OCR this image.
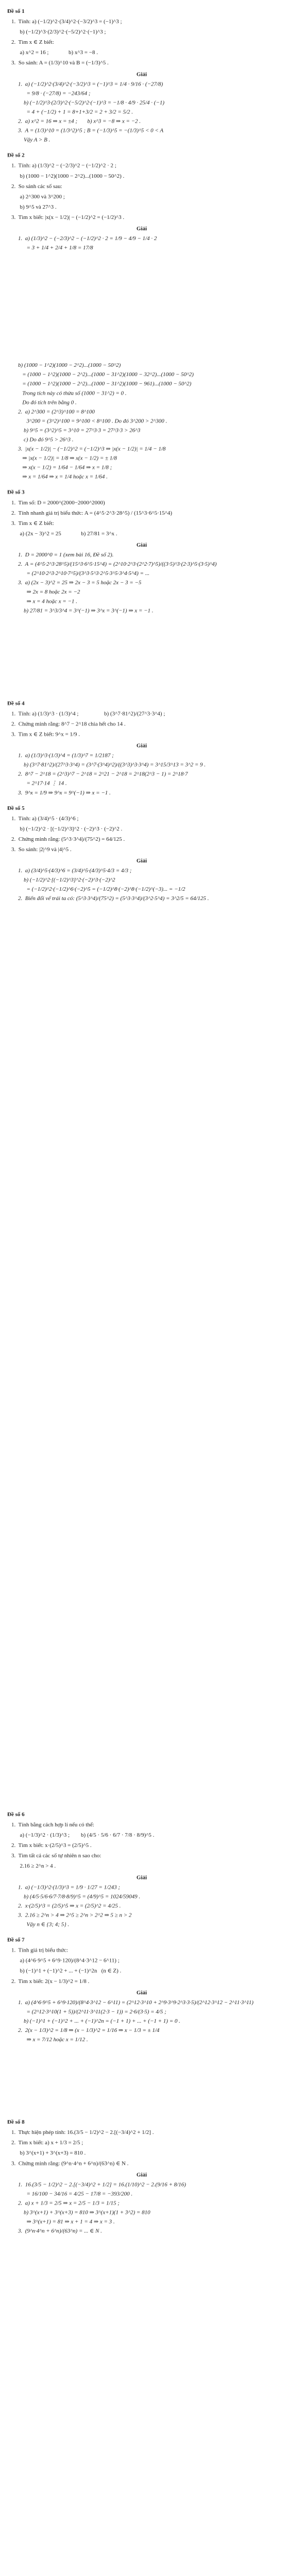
Đề số 1
1.  Tính: a) (−1/2)^2·(3/4)^2·(−3/2)^3 = (−1)^3 ;
b) (−1/2)^3·(2/3)^2·(−5/2)^2·(−1)^3 ;
2.  Tìm x ∈ Z biết:
a) x^2 = 16 ;              b) x^3 = −8 .
3.  So sánh: A = (1/3)^10 và B = (−1/3)^5 .
Giải
1.  a) (−1/2)^2·(3/4)^2·(−3/2)^3 = (−1)^3 = 1/4 · 9/16 · (−27/8)
= 9/8 · (−27/8) = −243/64 ;
b) (−1/2)^3·(2/3)^2·(−5/2)^2·(−1)^3 = −1/8 · 4/9 · 25/4 · (−1)
= 4 + (−1/2) + 1 = 8+1+3/2 = 2 + 3/2 = 5/2 .
2.  a) x^2 = 16 ⇒ x = ±4 ;       b) x^3 = −8 ⇒ x = −2 .
3.  A = (1/3)^10 = (1/3^2)^5 ; B = (−1/3)^5 = −(1/3)^5 < 0 < A
Vậy A > B .
Đề số 2
1.  Tính: a) (1/3)^2 − (−2/3)^2 − (−1/2)^2 · 2 ;
b) (1000 − 1^2)(1000 − 2^2)...(1000 − 50^2) .
2.  So sánh các số sau:
a) 2^300 và 3^200 ;
b) 9^5 và 27^3 .
3.  Tìm x biết: |x(x − 1/2)| − (−1/2)^2 = (−1/2)^3 .
Giải
1.  a) (1/3)^2 − (−2/3)^2 − (−1/2)^2 · 2 = 1/9 − 4/9 − 1/4 · 2
= 3 + 1/4 + 2/4 + 1/8 = 17/8
b) (1000 − 1^2)(1000 − 2^2)...(1000 − 50^2)
= (1000 − 1^2)(1000 − 2^2)...(1000 − 31^2)(1000 − 32^2)...(1000 − 50^2)
= (1000 − 1^2)(1000 − 2^2)...(1000 − 31^2)(1000 − 961)...(1000 − 50^2)
Trong tích này có thừa số (1000 − 31^2) = 0 .
Do đó tích trên bằng 0 .
2.  a) 2^300 = (2^3)^100 = 8^100
3^200 = (3^2)^100 = 9^100 < 8^100 . Do đó 3^200 > 2^300 .
b) 9^5 = (3^2)^5 = 3^10 = 27^3·3 = 27^3·3 > 26^3
c) Do đó 9^5 > 26^3 .
3.  |x(x − 1/2)| − (−1/2)^2 = (−1/2)^3 ⇒ |x(x − 1/2)| = 1/4 − 1/8
⇒ |x(x − 1/2)| = 1/8 ⇒ x(x − 1/2) = ± 1/8
⇒ x(x − 1/2) = 1/64 − 1/64 ⇒ x = 1/8 ;
⇒ x = 1/64 ⇒ x = 1/4 hoặc x = 1/64 .
Đề số 3
1.  Tìm số: D = 2000^(2000−2000^2000)
2.  Tính nhanh giá trị biểu thức: A = (4^5·2^3·28^5) / (15^3·6^5·15^4)
3.  Tìm x ∈ Z biết:
a) (2x − 3)^2 = 25              b) 27/81 = 3^x .
Giải
1.  D = 2000^0 = 1 (xem bài 16, Đề số 2).
2.  A = (4^5·2^3·28^5)/(15^3·6^5·15^4) = (2^10·2^3·(2^2·7)^5)/((3·5)^3·(2·3)^5·(3·5)^4)
= (2^10·2^3·2^10·7^5)/(3^3·5^3·2^5·3^5·3^4·5^4) = ...
3.  a) (2x − 3)^2 = 25 ⇒ 2x − 3 = 5 hoặc 2x − 3 = −5
⇒ 2x = 8 hoặc 2x = −2
⇒ x = 4 hoặc x = −1 .
b) 27/81 = 3^3/3^4 = 3^(−1) ⇒ 3^x = 3^(−1) ⇒ x = −1 .
Đề số 4
1.  Tính: a) (1/3)^3 · (1/3)^4 ;                  b) (3^7·81^2)/(27^3·3^4) ;
2.  Chứng minh rằng: 8^7 − 2^18 chia hết cho 14 .
3.  Tìm x ∈ Z biết: 9^x = 1/9 .
Giải
1.  a) (1/3)^3·(1/3)^4 = (1/3)^7 = 1/2187 ;
b) (3^7·81^2)/(27^3·3^4) = (3^7·(3^4)^2)/((3^3)^3·3^4) = 3^15/3^13 = 3^2 = 9 .
2.  8^7 − 2^18 = (2^3)^7 − 2^18 = 2^21 − 2^18 = 2^18(2^3 − 1) = 2^18·7
= 2^17·14 ⋮ 14 .
3.  9^x = 1/9 ⇒ 9^x = 9^(−1) ⇒ x = −1 .
Đề số 5
1.  Tính: a) (3/4)^5 · (4/3)^6 ;
b) (−1/2)^2 · [(−1/2)^3]^2 · (−2)^3 · (−2)^2 .
2.  Chứng minh rằng: (5^3·3^4)/(75^2) = 64/125 .
3.  So sánh: |2|^9 và |4|^5 .
Giải
1.  a) (3/4)^5·(4/3)^6 = (3/4)^5·(4/3)^5·4/3 = 4/3 ;
b) (−1/2)^2·[(−1/2)^3]^2·(−2)^3·(−2)^2
= (−1/2)^2·(−1/2)^6·(−2)^5 = (−1/2)^8·(−2)^8·(−1/2)^(−3)... = −1/2
2.  Biến đổi vế trái ta có: (5^3·3^4)/(75^2) = (5^3·3^4)/(3^2·5^4) = 3^2/5 = 64/125 .
Đề số 6
1.  Tính bằng cách hợp lí nếu có thể:
a) (−1/3)^2 · (1/3)^3 ;        b) (4/5 · 5/6 · 6/7 · 7/8 · 8/9)^5 .
2.  Tìm x biết: x·(2/5)^3 = (2/5)^5 .
3.  Tìm tất cả các số tự nhiên n sao cho:
2.16 ≥ 2^n > 4 .
Giải
1.  a) (−1/3)^2·(1/3)^3 = 1/9 · 1/27 = 1/243 ;
b) (4/5·5/6·6/7·7/8·8/9)^5 = (4/9)^5 = 1024/59049 .
2.  x·(2/5)^3 = (2/5)^5 ⇒ x = (2/5)^2 = 4/25 .
3.  2.16 ≥ 2^n > 4 ⇒ 2^5 ≥ 2^n > 2^2 ⇒ 5 ≥ n > 2
Vậy n ∈ {3; 4; 5} .
Đề số 7
1.  Tính giá trị biểu thức:
a) (4^6·9^5 + 6^9·120)/(8^4·3^12 − 6^11) ;
b) (−1)^1 + (−1)^2 + ... + (−1)^2n   (n ∈ Z) .
2.  Tìm x biết: 2(x − 1/3)^2 = 1/8 .
Giải
1.  a) (4^6·9^5 + 6^9·120)/(8^4·3^12 − 6^11) = (2^12·3^10 + 2^9·3^9·2^3·3·5)/(2^12·3^12 − 2^11·3^11)
= (2^12·3^10(1 + 5))/(2^11·3^11(2·3 − 1)) = 2·6/(3·5) = 4/5 ;
b) (−1)^1 + (−1)^2 + ... + (−1)^2n = (−1 + 1) + ... + (−1 + 1) = 0 .
2.  2(x − 1/3)^2 = 1/8 ⇒ (x − 1/3)^2 = 1/16 ⇒ x − 1/3 = ± 1/4
⇒ x = 7/12 hoặc x = 1/12 .
Đề số 8
1.  Thực hiện phép tính: 16.(3/5 − 1/2)^2 − 2.[(−3/4)^2 + 1/2] .
2.  Tìm x biết: a) x + 1/3 = 2/5 ;
b) 3^(x+1) + 3^(x+3) = 810 .
3.  Chứng minh rằng: (9^n·4^n + 6^n)/(63^n) ∈ N .
Giải
1.  16.(3/5 − 1/2)^2 − 2.[(−3/4)^2 + 1/2] = 16.(1/10)^2 − 2.(9/16 + 8/16)
= 16/100 − 34/16 = 4/25 − 17/8 = −393/200 .
2.  a) x + 1/3 = 2/5 ⇒ x = 2/5 − 1/3 = 1/15 ;
b) 3^(x+1) + 3^(x+3) = 810 ⇒ 3^(x+1)(1 + 3^2) = 810
⇒ 3^(x+1) = 81 ⇒ x + 1 = 4 ⇒ x = 3 .
3.  (9^n·4^n + 6^n)/(63^n) = ... ∈ N .
